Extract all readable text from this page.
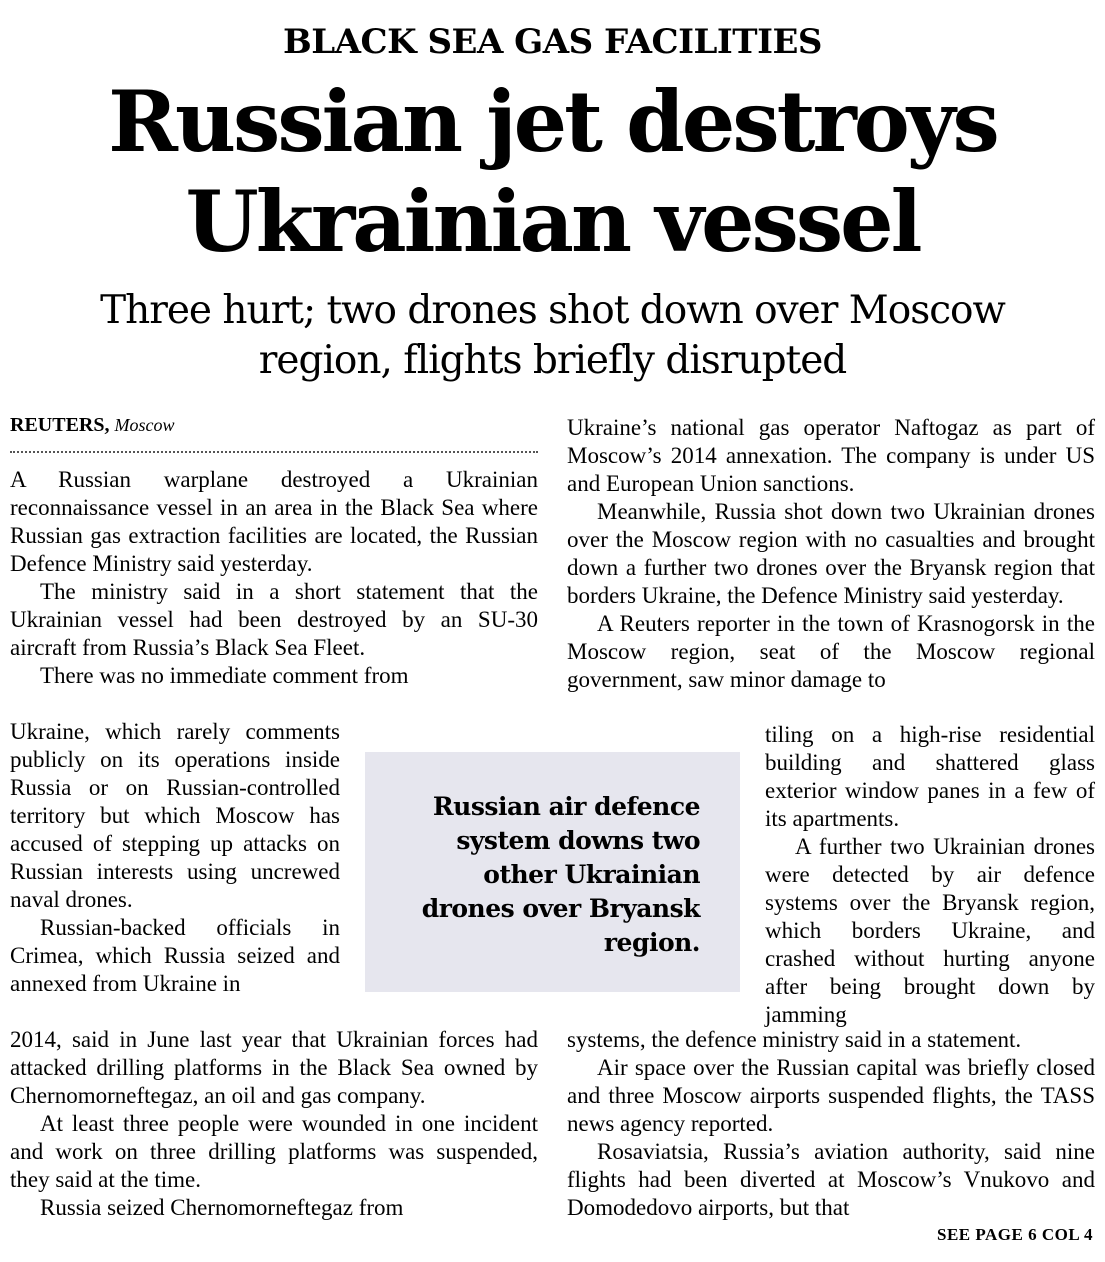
BLACK SEA GAS FACILITIES
Russian jet destroys
Ukrainian vessel
Three hurt; two drones shot down over Moscow
region, flights briefly disrupted
REUTERS, Moscow

A Russian warplane destroyed a Ukrainian reconnaissance vessel in an area in the Black Sea where Russian gas extraction facilities are located, the Russian Defence Ministry said yesterday.

The ministry said in a short statement that the Ukrainian vessel had been destroyed by an SU-30 aircraft from Russia’s Black Sea Fleet.

There was no immediate comment from

Ukraine, which rarely comments publicly on its operations inside Russia or on Russian-controlled territory but which Moscow has accused of stepping up attacks on Russian interests using uncrewed naval drones.

Russian-backed officials in Crimea, which Russia seized and annexed from Ukraine in

2014, said in June last year that Ukrainian forces had attacked drilling platforms in the Black Sea owned by Chernomorneftegaz, an oil and gas company.

At least three people were wounded in one incident and work on three drilling platforms was suspended, they said at the time.

Russia seized Chernomorneftegaz from

Ukraine’s national gas operator Naftogaz as part of Moscow’s 2014 annexation. The company is under US and European Union sanctions.

Meanwhile, Russia shot down two Ukrainian drones over the Moscow region with no casualties and brought down a further two drones over the Bryansk region that borders Ukraine, the Defence Ministry said yesterday.

A Reuters reporter in the town of Krasnogorsk in the Moscow region, seat of the Moscow regional government, saw minor damage to

tiling on a high-rise residential building and shattered glass exterior window panes in a few of its apartments.

A further two Ukrainian drones were detected by air defence systems over the Bryansk region, which borders Ukraine, and crashed without hurting anyone after being brought down by jamming

systems, the defence ministry said in a statement.

Air space over the Russian capital was briefly closed and three Moscow airports suspended flights, the TASS news agency reported.

Rosaviatsia, Russia’s aviation authority, said nine flights had been diverted at Moscow’s Vnukovo and Domodedovo airports, but that

Russian air defence system downs two other Ukrainian drones over Bryansk region.
SEE PAGE 6 COL 4
